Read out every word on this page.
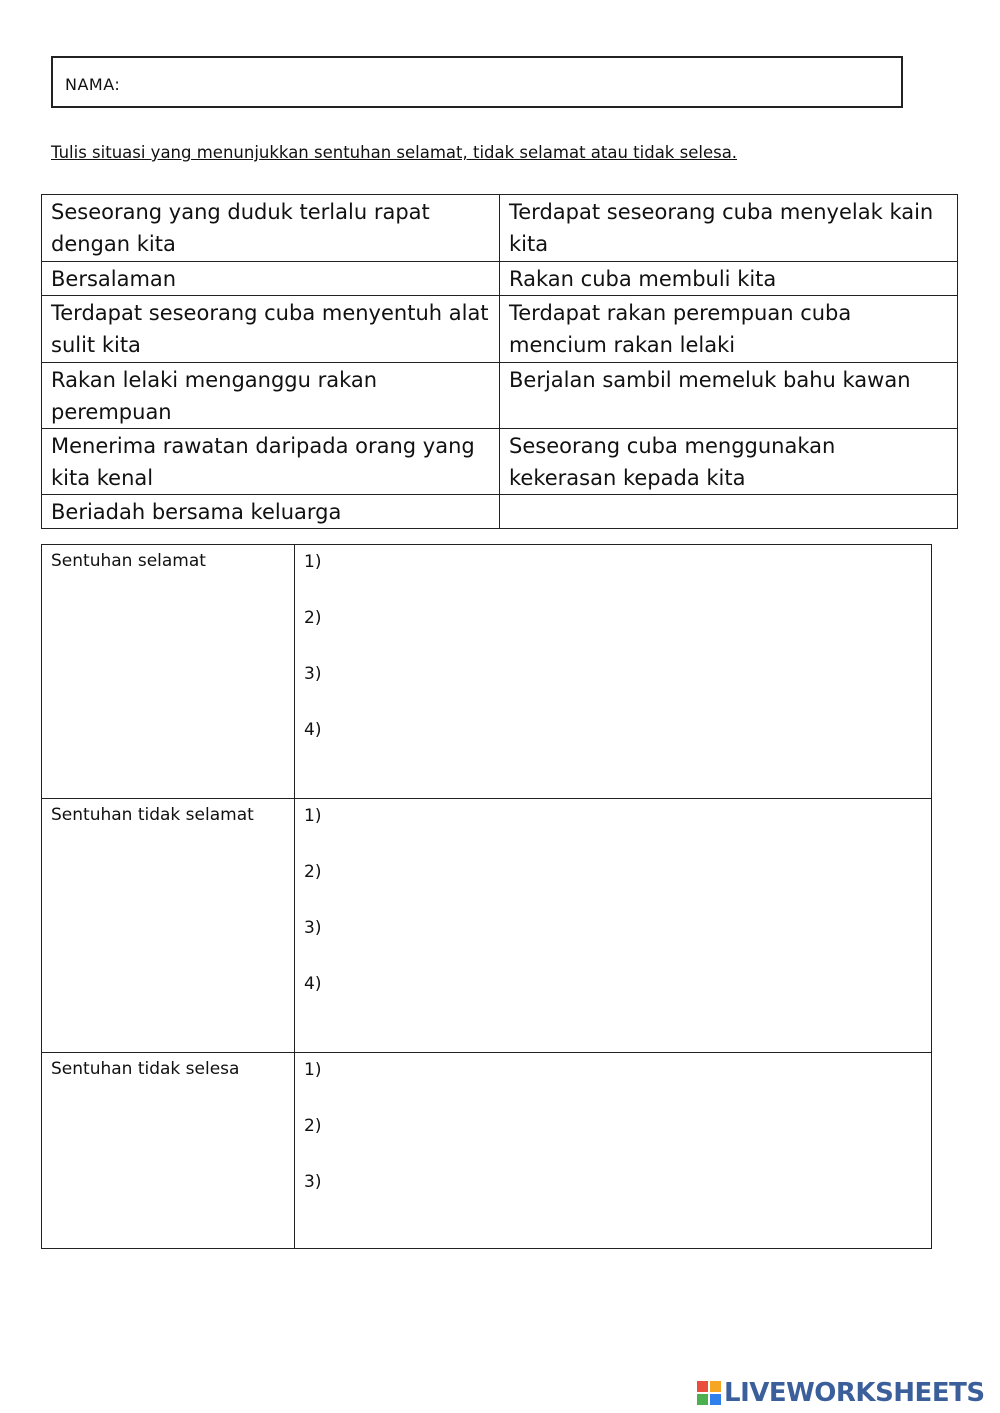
NAMA:
Tulis situasi yang menunjukkan sentuhan selamat, tidak selamat atau tidak selesa.
Seseorang yang duduk terlalu rapat dengan kita	Terdapat seseorang cuba menyelak kain kita
Bersalaman	Rakan cuba membuli kita
Terdapat seseorang cuba menyentuh alat sulit kita	Terdapat rakan perempuan cuba mencium rakan lelaki
Rakan lelaki menganggu rakan perempuan	Berjalan sambil memeluk bahu kawan
Menerima rawatan daripada orang yang kita kenal	Seseorang cuba menggunakan kekerasan kepada kita
Beriadah bersama keluarga	
Sentuhan selamat	1)
2)
3)
4)

Sentuhan tidak selamat	1)
2)
3)
4)

Sentuhan tidak selesa	1)
2)
3)
LIVEWORKSHEETS
